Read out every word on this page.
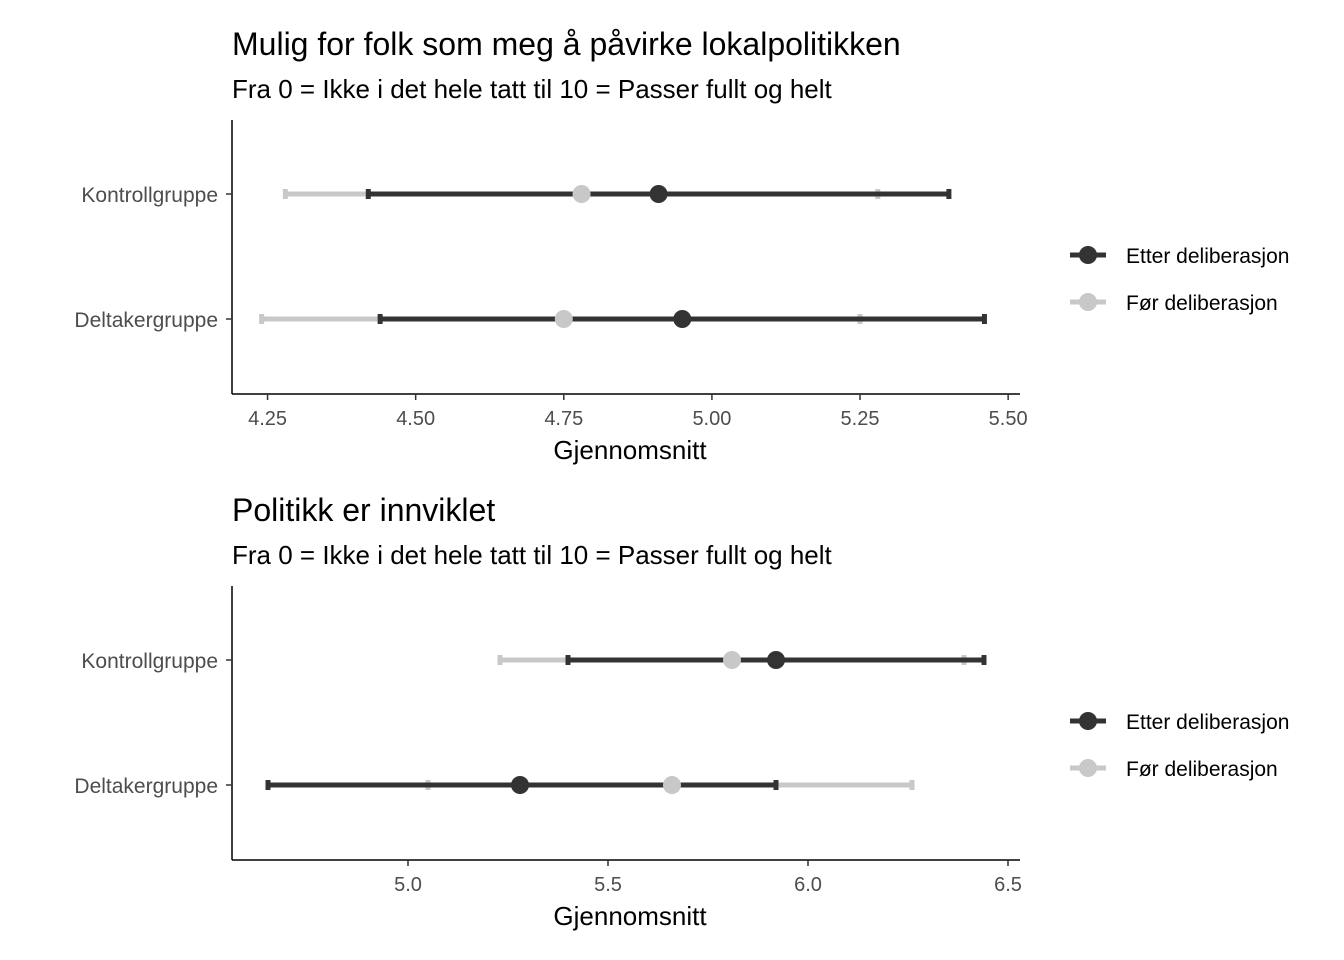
Mulig for folk som meg å påvirke lokalpolitikken
Fra 0 = Ikke i det hele tatt til 10 = Passer fullt og helt
4.25	4.50	4.75	5.00	5.25	5.50
Gjennomsnitt
Kontrollgruppe
Deltakergruppe
Etter deliberasjon
Før deliberasjon
Politikk er innviklet
Fra 0 = Ikke i det hele tatt til 10 = Passer fullt og helt
5.0	5.5	6.0	6.5
Gjennomsnitt
Kontrollgruppe
Deltakergruppe
Etter deliberasjon
Før deliberasjon
